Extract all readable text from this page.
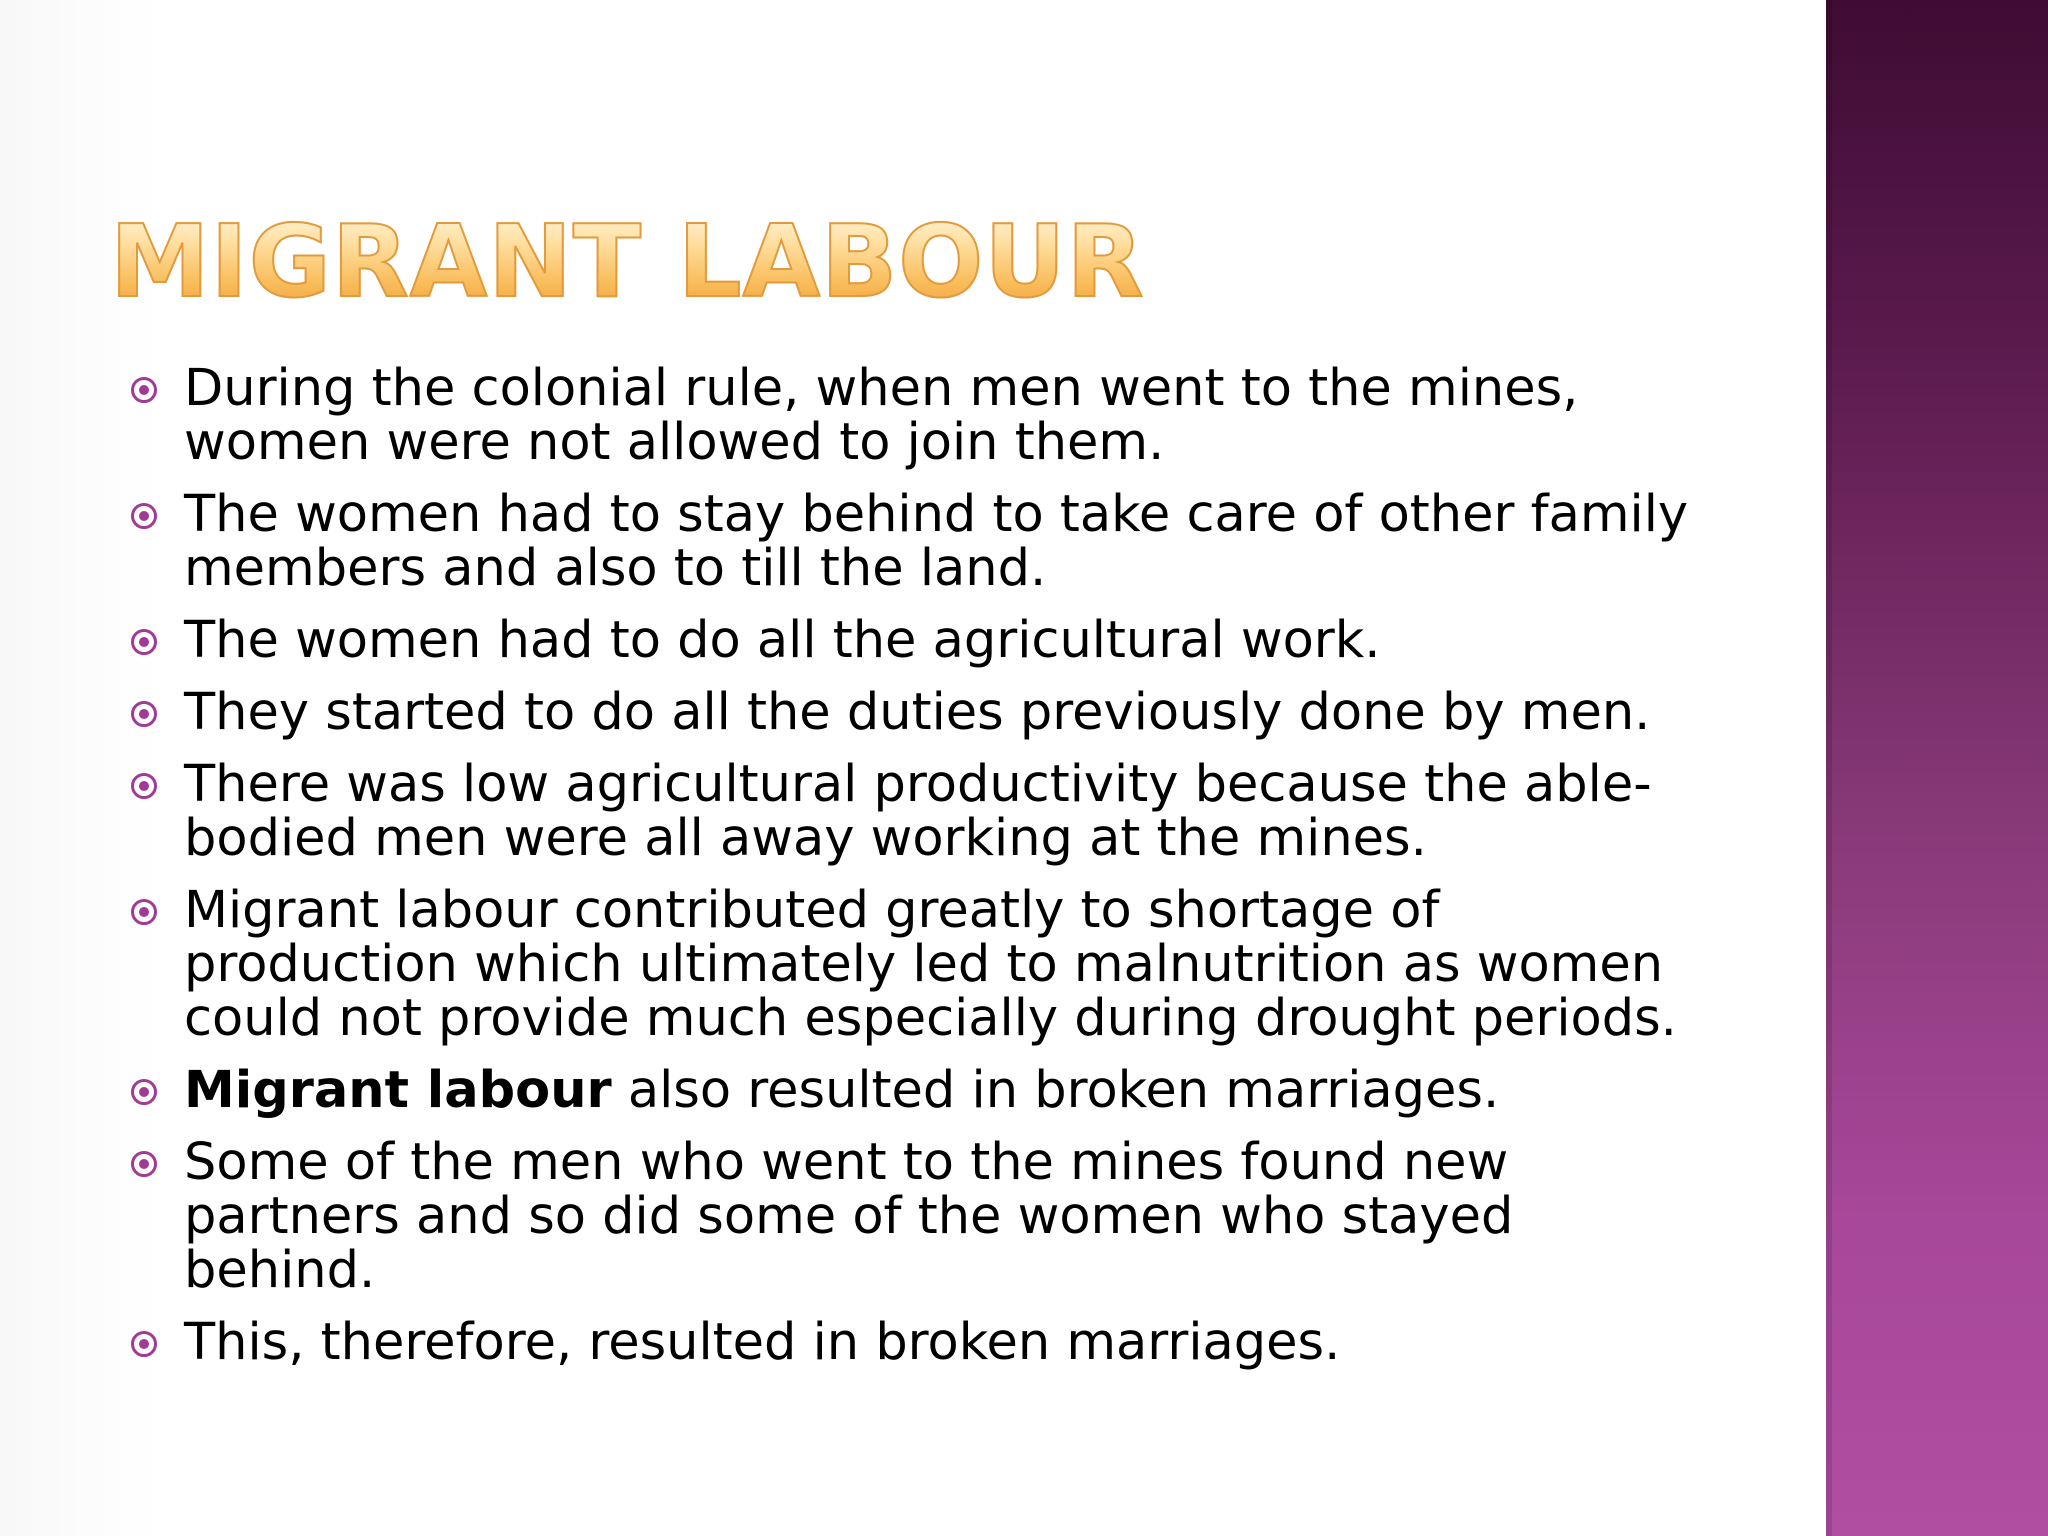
MIGRANT LABOUR
During the colonial rule, when men went to the mines, women were not allowed to join them.
The women had to stay behind to take care of other family members and also to till the land.
The women had to do all the agricultural work.
They started to do all the duties previously done by men.
There was low agricultural productivity because the able-bodied men were all away working at the mines.
Migrant labour contributed greatly to shortage of production which ultimately led to malnutrition as women could not provide much especially during drought periods.
Migrant labour also resulted in broken marriages.
Some of the men who went to the mines found new partners and so did some of the women who stayed behind.
This, therefore, resulted in broken marriages.
